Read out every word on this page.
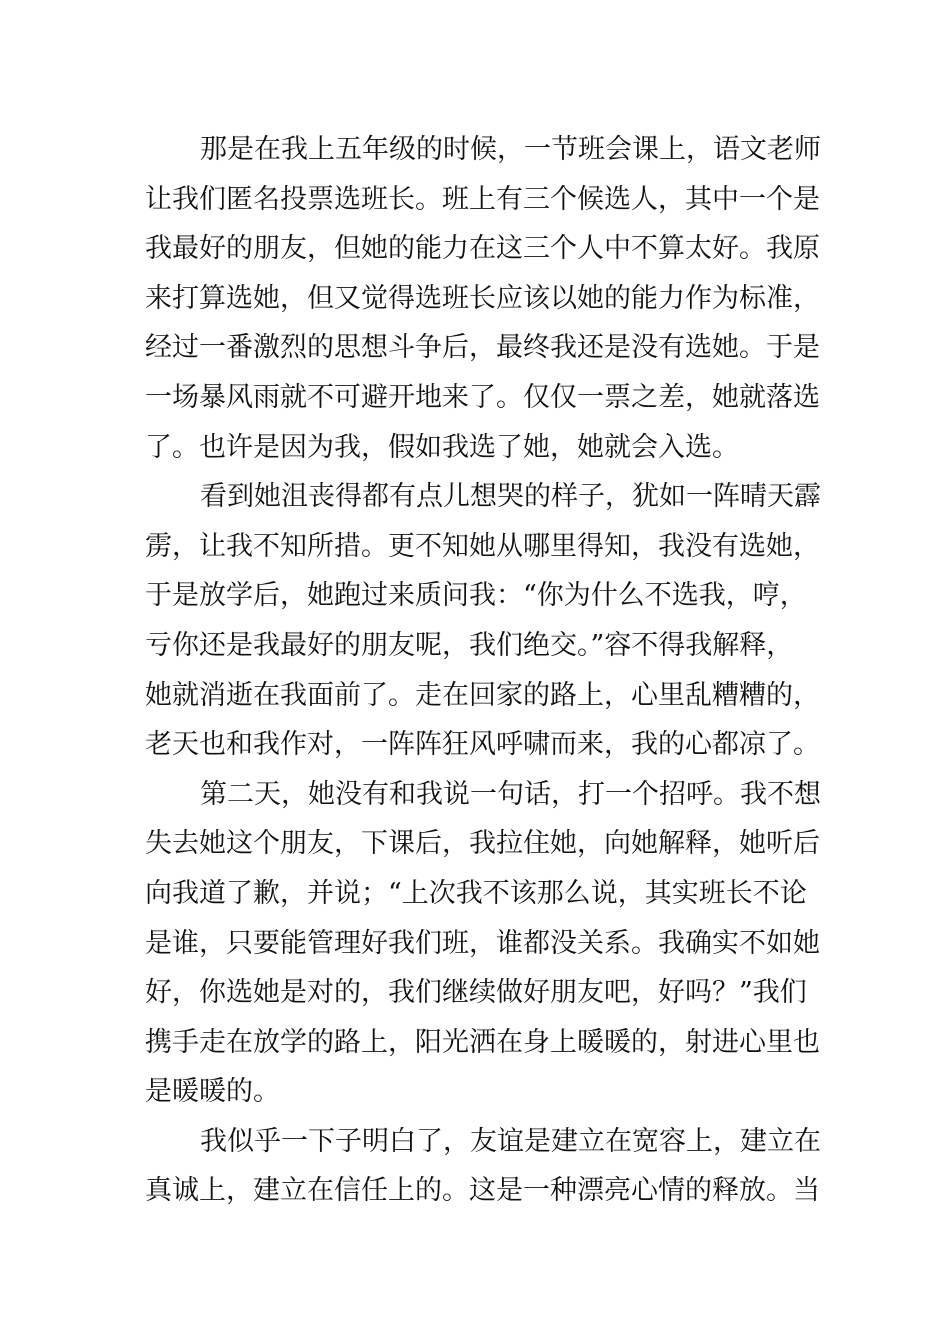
那是在我上五年级的时候，一节班会课上，语文老师
让我们匿名投票选班长。班上有三个候选人，其中一个是
我最好的朋友，但她的能力在这三个人中不算太好。我原
来打算选她，但又觉得选班长应该以她的能力作为标准，
经过一番激烈的思想斗争后，最终我还是没有选她。于是
一场暴风雨就不可避开地来了。仅仅一票之差，她就落选
了。也许是因为我，假如我选了她，她就会入选。
看到她沮丧得都有点儿想哭的样子，犹如一阵晴天霹
雳，让我不知所措。更不知她从哪里得知，我没有选她，
于是放学后，她跑过来质问我：“你为什么不选我，哼，
亏你还是我最好的朋友呢，我们绝交。”容不得我解释，
她就消逝在我面前了。走在回家的路上，心里乱糟糟的，
老天也和我作对，一阵阵狂风呼啸而来，我的心都凉了。
第二天，她没有和我说一句话，打一个招呼。我不想
失去她这个朋友，下课后，我拉住她，向她解释，她听后
向我道了歉，并说；“上次我不该那么说，其实班长不论
是谁，只要能管理好我们班，谁都没关系。我确实不如她
好，你选她是对的，我们继续做好朋友吧，好吗？”我们
携手走在放学的路上，阳光洒在身上暖暖的，射进心里也
是暖暖的。
我似乎一下子明白了，友谊是建立在宽容上，建立在
真诚上，建立在信任上的。这是一种漂亮心情的释放。当
